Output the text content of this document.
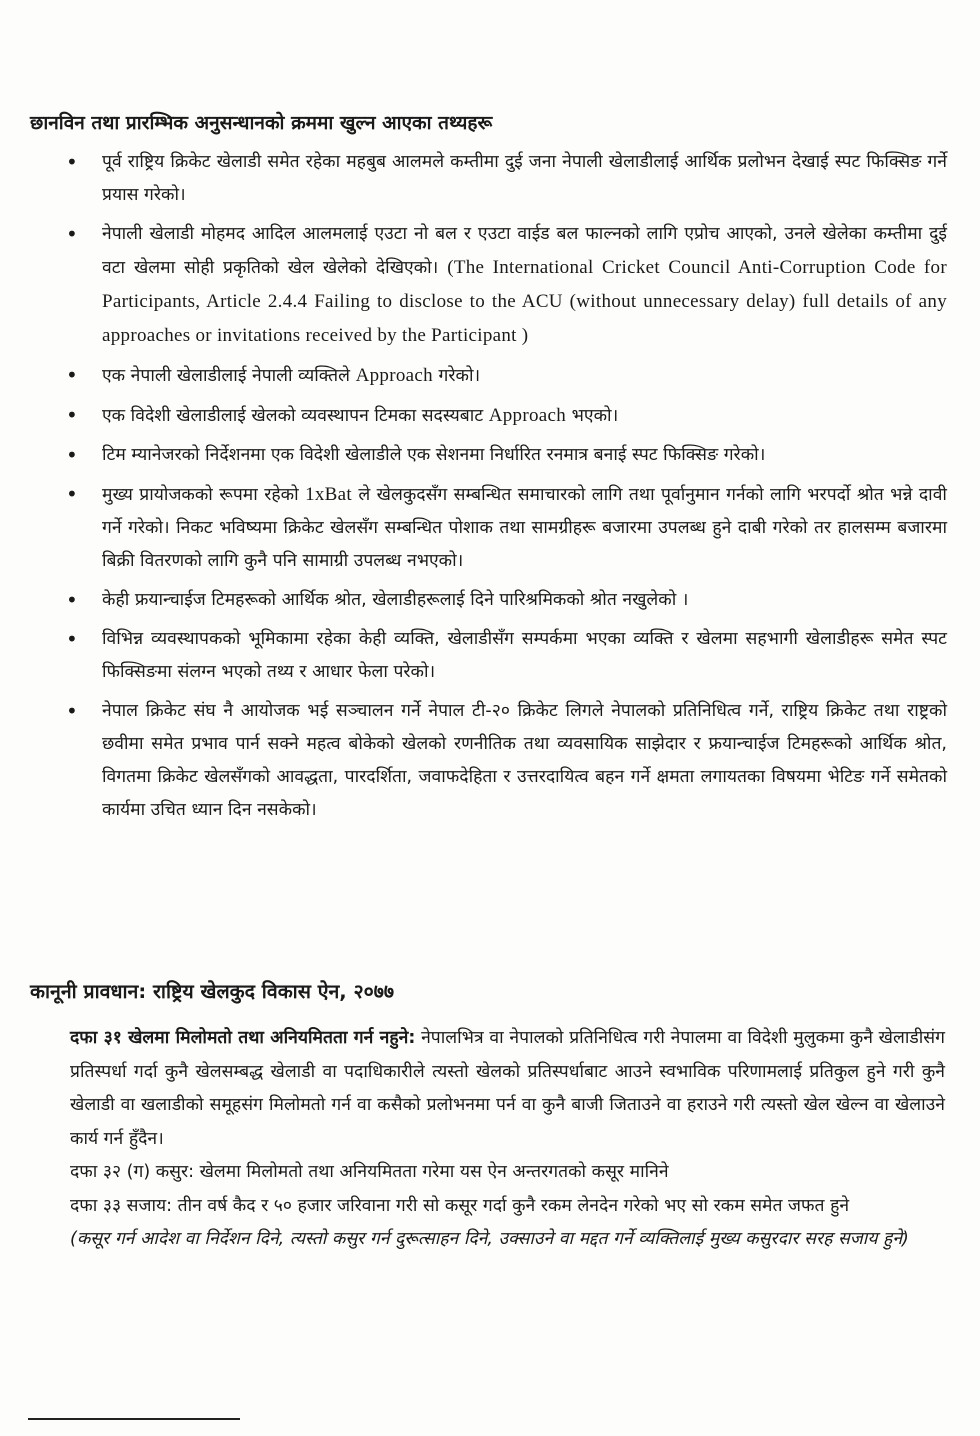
छानविन तथा प्रारम्भिक अनुसन्धानको क्रममा खुल्न आएका तथ्यहरू
• पूर्व राष्ट्रिय क्रिकेट खेलाडी समेत रहेका महबुब आलमले कम्तीमा दुई जना नेपाली खेलाडीलाई आर्थिक प्रलोभन देखाई स्पट फिक्सिङ गर्ने प्रयास गरेको।
• नेपाली खेलाडी मोहमद आदिल आलमलाई एउटा नो बल र एउटा वाईड बल फाल्नको लागि एप्रोच आएको, उनले खेलेका कम्तीमा दुई वटा खेलमा सोही प्रकृतिको खेल खेलेको देखिएको। (The International Cricket Council Anti-Corruption Code for Participants, Article 2.4.4 Failing to disclose to the ACU (without unnecessary delay) full details of any approaches or invitations received by the Participant )
• एक नेपाली खेलाडीलाई नेपाली व्यक्तिले Approach गरेको।
• एक विदेशी खेलाडीलाई खेलको व्यवस्थापन टिमका सदस्यबाट Approach भएको।
• टिम म्यानेजरको निर्देशनमा एक विदेशी खेलाडीले एक सेशनमा निर्धारित रनमात्र बनाई स्पट फिक्सिङ गरेको।
• मुख्य प्रायोजकको रूपमा रहेको 1xBat ले खेलकुदसँग सम्बन्धित समाचारको लागि तथा पूर्वानुमान गर्नको लागि भरपर्दो श्रोत भन्ने दावी गर्ने गरेको। निकट भविष्यमा क्रिकेट खेलसँग सम्बन्धित पोशाक तथा सामग्रीहरू बजारमा उपलब्ध हुने दाबी गरेको तर हालसम्म बजारमा बिक्री वितरणको लागि कुनै पनि सामाग्री उपलब्ध नभएको।
• केही फ्रयान्चाईज टिमहरूको आर्थिक श्रोत, खेलाडीहरूलाई दिने पारिश्रमिकको श्रोत नखुलेको ।
• विभिन्न व्यवस्थापकको भूमिकामा रहेका केही व्यक्ति, खेलाडीसँग सम्पर्कमा भएका व्यक्ति र खेलमा सहभागी खेलाडीहरू समेत स्पट फिक्सिङमा संलग्न भएको तथ्य र आधार फेला परेको।
• नेपाल क्रिकेट संघ नै आयोजक भई सञ्चालन गर्ने नेपाल टी-२० क्रिकेट लिगले नेपालको प्रतिनिधित्व गर्ने, राष्ट्रिय क्रिकेट तथा राष्ट्रको छवीमा समेत प्रभाव पार्न सक्ने महत्व बोकेको खेलको रणनीतिक तथा व्यवसायिक साझेदार र फ्रयान्चाईज टिमहरूको आर्थिक श्रोत, विगतमा क्रिकेट खेलसँगको आवद्धता, पारदर्शिता, जवाफदेहिता र उत्तरदायित्व बहन गर्ने क्षमता लगायतका विषयमा भेटिङ गर्ने समेतको कार्यमा उचित ध्यान दिन नसकेको।
कानूनी प्रावधान: राष्ट्रिय खेलकुद विकास ऐन, २०७७

दफा ३१ खेलमा मिलोमतो तथा अनियमितता गर्न नहुने: नेपालभित्र वा नेपालको प्रतिनिधित्व गरी नेपालमा वा विदेशी मुलुकमा कुनै खेलाडीसंग प्रतिस्पर्धा गर्दा कुनै खेलसम्बद्ध खेलाडी वा पदाधिकारीले त्यस्तो खेलको प्रतिस्पर्धाबाट आउने स्वभाविक परिणामलाई प्रतिकुल हुने गरी कुनै खेलाडी वा खलाडीको समूहसंग मिलोमतो गर्न वा कसैको प्रलोभनमा पर्न वा कुनै बाजी जिताउने वा हराउने गरी त्यस्तो खेल खेल्न वा खेलाउने कार्य गर्न हुँदैन।

दफा ३२ (ग) कसुर: खेलमा मिलोमतो तथा अनियमितता गरेमा यस ऐन अन्तरगतको कसूर मानिने

दफा ३३ सजाय: तीन वर्ष कैद र ५० हजार जरिवाना गरी सो कसूर गर्दा कुनै रकम लेनदेन गरेको भए सो रकम समेत जफत हुने

(कसूर गर्न आदेश वा निर्देशन दिने, त्यस्तो कसुर गर्न दुरूत्साहन दिने, उक्साउने वा मद्दत गर्ने व्यक्तिलाई मुख्य कसुरदार सरह सजाय हुने)
